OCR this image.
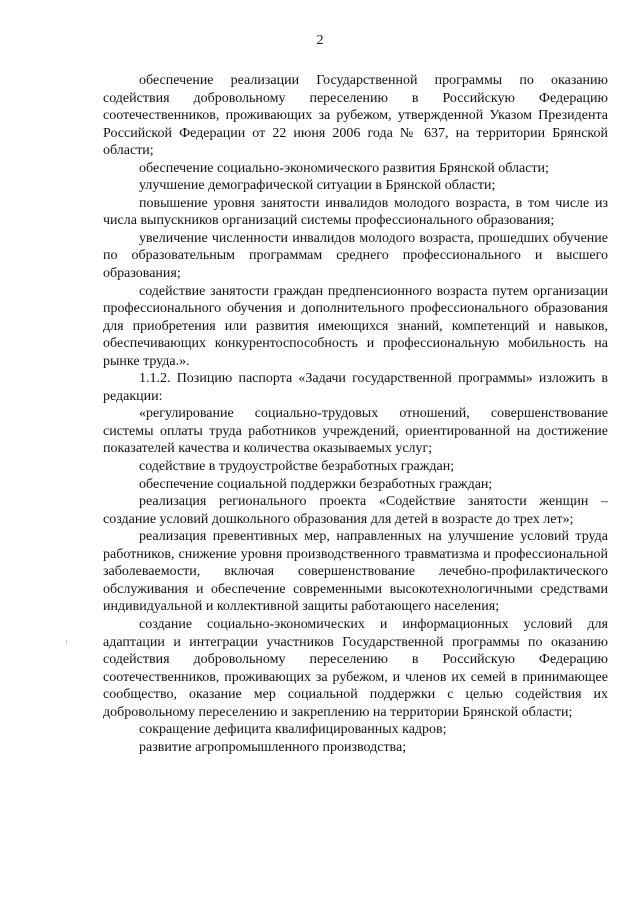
2

обеспечение реализации Государственной программы по оказанию содействия добровольному переселению в Российскую Федерацию соотечественников, проживающих за рубежом, утвержденной Указом Президента Российской Федерации от 22 июня 2006 года № 637, на территории Брянской области;

обеспечение социально-экономического развития Брянской области;

улучшение демографической ситуации в Брянской области;

повышение уровня занятости инвалидов молодого возраста, в том числе из числа выпускников организаций системы профессионального образования;

увеличение численности инвалидов молодого возраста, прошедших обучение по образовательным программам среднего профессионального и высшего образования;

содействие занятости граждан предпенсионного возраста путем организации профессионального обучения и дополнительного профессионального образования для приобретения или развития имеющихся знаний, компетенций и навыков, обеспечивающих конкурентоспособность и профессиональную мобильность на рынке труда.».

1.1.2. Позицию паспорта «Задачи государственной программы» изложить в редакции:

«регулирование социально-трудовых отношений, совершенствование системы оплаты труда работников учреждений, ориентированной на достижение показателей качества и количества оказываемых услуг;

содействие в трудоустройстве безработных граждан;

обеспечение социальной поддержки безработных граждан;

реализация регионального проекта «Содействие занятости женщин – создание условий дошкольного образования для детей в возрасте до трех лет»;

реализация превентивных мер, направленных на улучшение условий труда работников, снижение уровня производственного травматизма и профессиональной заболеваемости, включая совершенствование лечебно-профилактического обслуживания и обеспечение современными высокотехнологичными средствами индивидуальной и коллективной защиты работающего населения;

создание социально-экономических и информационных условий для адаптации и интеграции участников Государственной программы по оказанию содействия добровольному переселению в Российскую Федерацию соотечественников, проживающих за рубежом, и членов их семей в принимающее сообщество, оказание мер социальной поддержки с целью содействия их добровольному переселению и закреплению на территории Брянской области;

сокращение дефицита квалифицированных кадров;

развитие агропромышленного производства;
